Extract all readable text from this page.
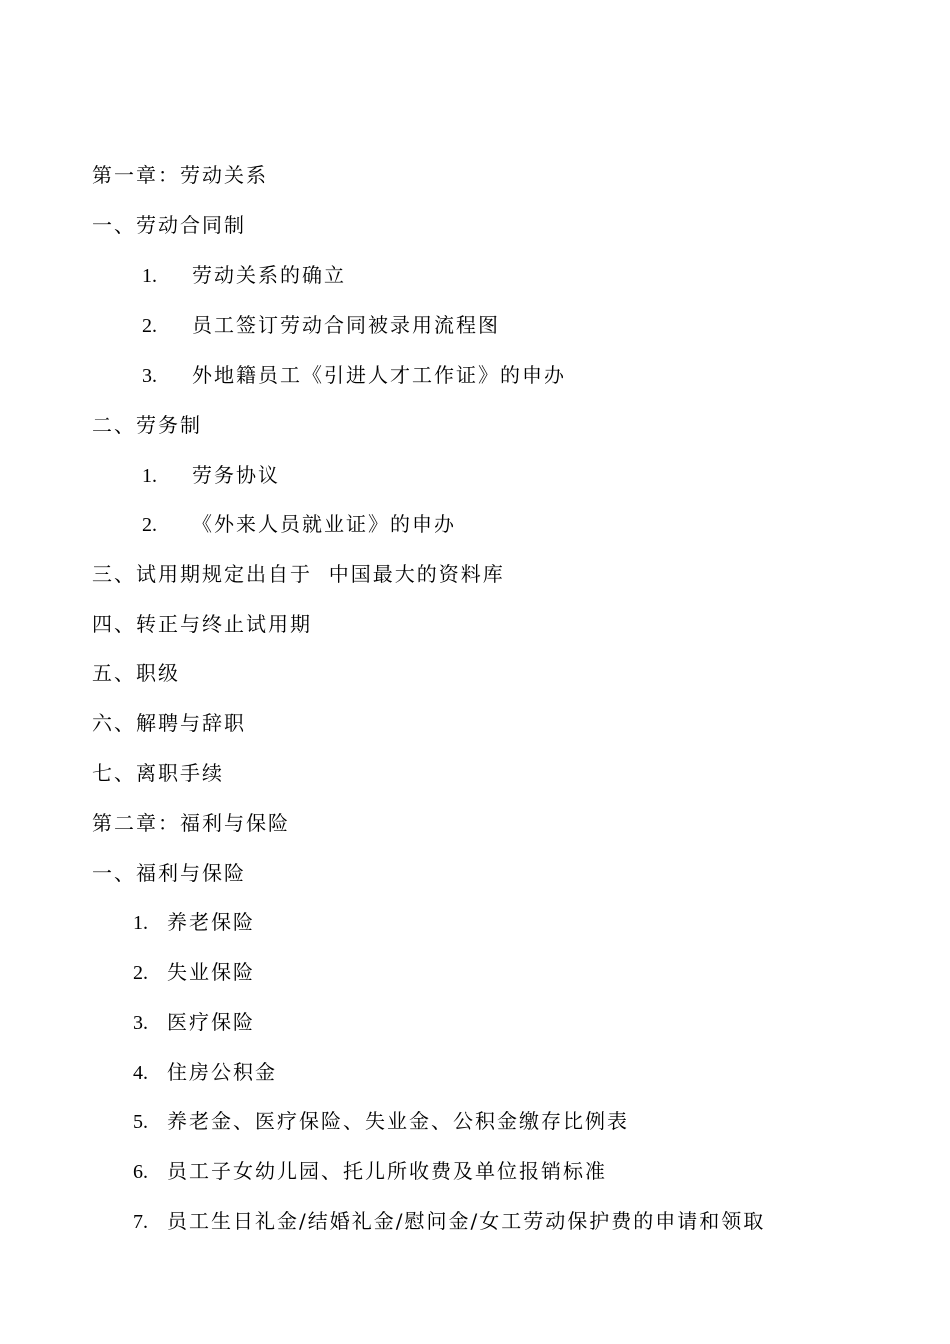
第一章：劳动关系
一、劳动合同制
1. 劳动关系的确立
2. 员工签订劳动合同被录用流程图
3. 外地籍员工《引进人才工作证》的申办
二、劳务制
1. 劳务协议
2. 《外来人员就业证》的申办
三、试用期规定出自于  中国最大的资料库
四、转正与终止试用期
五、职级
六、解聘与辞职
七、离职手续
第二章：福利与保险
一、福利与保险
1. 养老保险
2. 失业保险
3. 医疗保险
4. 住房公积金
5. 养老金、医疗保险、失业金、公积金缴存比例表
6. 员工子女幼儿园、托儿所收费及单位报销标准
7. 员工生日礼金/结婚礼金/慰问金/女工劳动保护费的申请和领取
